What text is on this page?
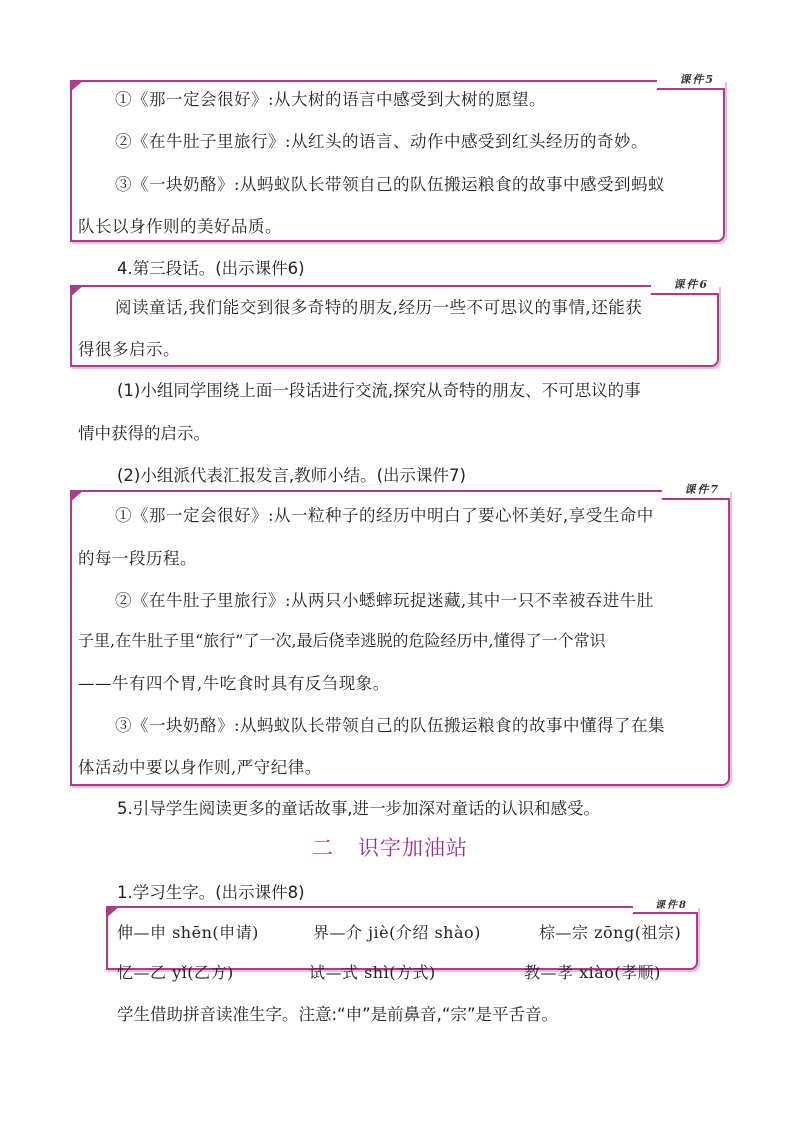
课件5
①《那一定会很好》:从大树的语言中感受到大树的愿望。
②《在牛肚子里旅行》:从红头的语言、动作中感受到红头经历的奇妙。
③《一块奶酪》:从蚂蚁队长带领自己的队伍搬运粮食的故事中感受到蚂蚁
队长以身作则的美好品质。
4.第三段话。(出示课件6)
课件6
阅读童话,我们能交到很多奇特的朋友,经历一些不可思议的事情,还能获
得很多启示。
(1)小组同学围绕上面一段话进行交流,探究从奇特的朋友、不可思议的事
情中获得的启示。
(2)小组派代表汇报发言,教师小结。(出示课件7)
课件7
①《那一定会很好》:从一粒种子的经历中明白了要心怀美好,享受生命中
的每一段历程。
②《在牛肚子里旅行》:从两只小蟋蟀玩捉迷藏,其中一只不幸被吞进牛肚
子里,在牛肚子里“旅行”了一次,最后侥幸逃脱的危险经历中,懂得了一个常识
——牛有四个胃,牛吃食时具有反刍现象。
③《一块奶酪》:从蚂蚁队长带领自己的队伍搬运粮食的故事中懂得了在集
体活动中要以身作则,严守纪律。
5.引导学生阅读更多的童话故事,进一步加深对童话的认识和感受。
二 识字加油站
1.学习生字。(出示课件8)
课件8
伸—申 shēn(申请)	界—介 jiè(介绍 shào)	棕—宗 zōng(祖宗)
忆—乙 yǐ(乙方)	试—式 shì(方式)	教—孝 xiào(孝顺)
学生借助拼音读准生字。注意:“申”是前鼻音,“宗”是平舌音。
